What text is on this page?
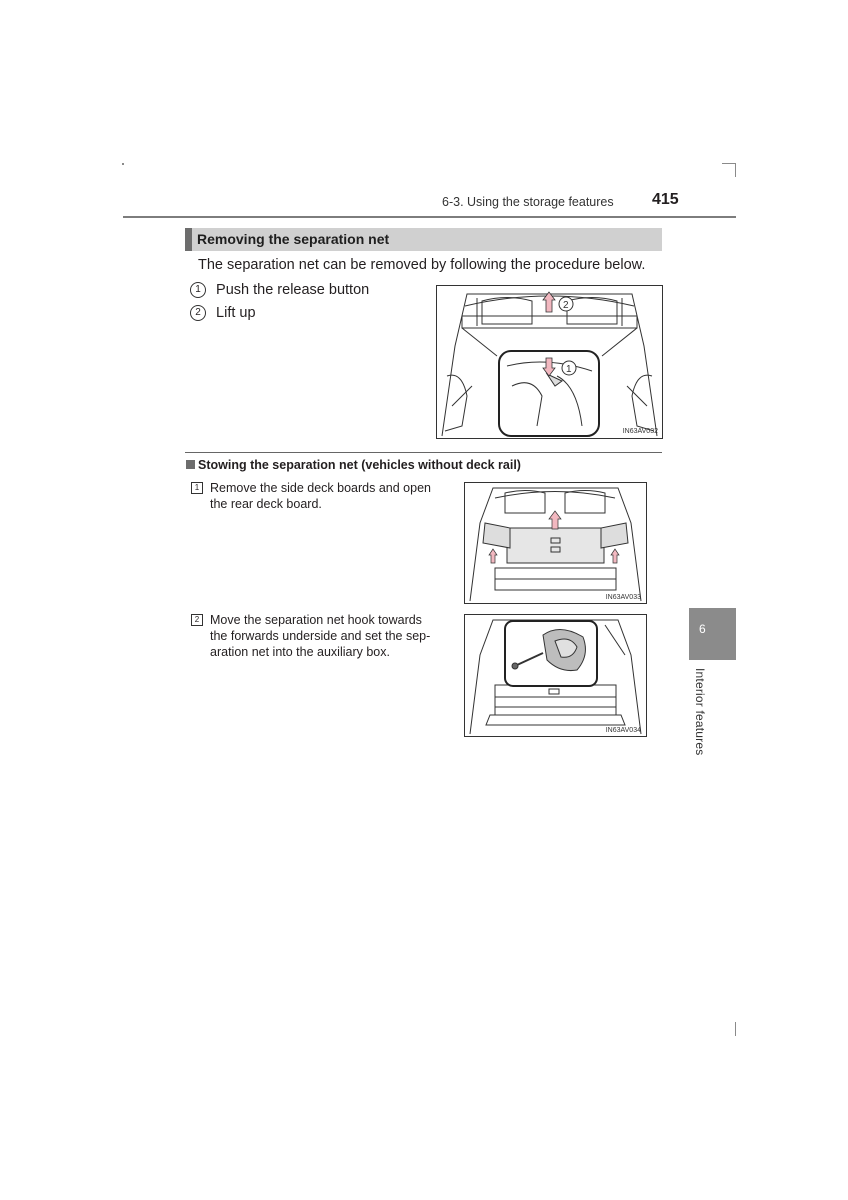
6-3. Using the storage features 415
Removing the separation net
The separation net can be removed by following the procedure below.
1 Push the release button
2 Lift up	2
1
IN63AV032
Stowing the separation net (vehicles without deck rail)
1 Remove the side deck boards and open
the rear deck board.
IN63AV033
2 Move the separation net hook towards
the forwards underside and set the sep-
aration net into the auxiliary box.
IN63AV034
6
Interior features
